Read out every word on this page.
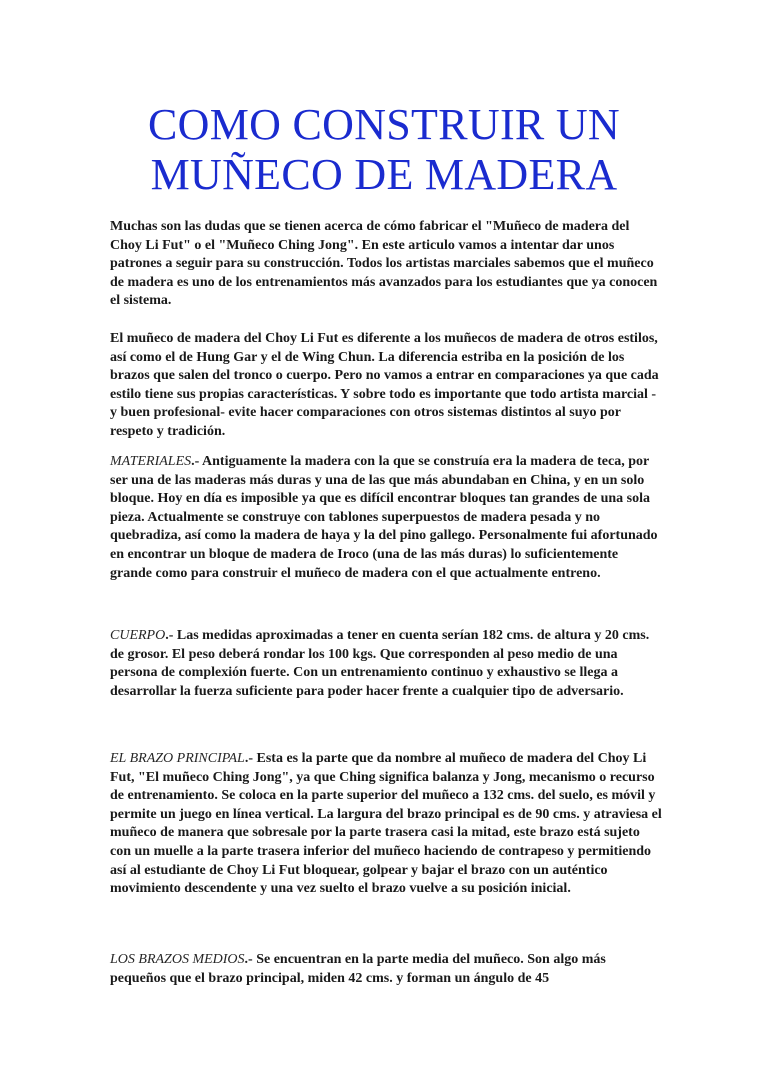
COMO CONSTRUIR UN
MUÑECO DE MADERA

Muchas son las dudas que se tienen acerca de cómo fabricar el "Muñeco de madera del Choy Li Fut" o el "Muñeco Ching Jong". En este articulo vamos a intentar dar unos patrones a seguir para su construcción. Todos los artistas marciales sabemos que el muñeco de madera es uno de los entrenamientos más avanzados para los estudiantes que ya conocen el sistema.

El muñeco de madera del Choy Li Fut es diferente a los muñecos de madera de otros estilos, así como el de Hung Gar y el de Wing Chun. La diferencia estriba en la posición de los brazos que salen del tronco o cuerpo. Pero no vamos a entrar en comparaciones ya que cada estilo tiene sus propias características. Y sobre todo es importante que todo artista marcial -y buen profesional- evite hacer comparaciones con otros sistemas distintos al suyo por respeto y tradición.

MATERIALES.- Antiguamente la madera con la que se construía era la madera de teca, por ser una de las maderas más duras y una de las que más abundaban en China, y en un solo bloque. Hoy en día es imposible ya que es difícil encontrar bloques tan grandes de una sola pieza. Actualmente se construye con tablones superpuestos de madera pesada y no quebradiza, así como la madera de haya y la del pino gallego. Personalmente fui afortunado en encontrar un bloque de madera de Iroco (una de las más duras) lo suficientemente grande como para construir el muñeco de madera con el que actualmente entreno.

CUERPO.- Las medidas aproximadas a tener en cuenta serían 182 cms. de altura y 20 cms. de grosor. El peso deberá rondar los 100 kgs. Que corresponden al peso medio de una persona de complexión fuerte. Con un entrenamiento continuo y exhaustivo se llega a desarrollar la fuerza suficiente para poder hacer frente a cualquier tipo de adversario.

EL BRAZO PRINCIPAL.- Esta es la parte que da nombre al muñeco de madera del Choy Li Fut, "El muñeco Ching Jong", ya que Ching significa balanza y Jong, mecanismo o recurso de entrenamiento. Se coloca en la parte superior del muñeco a 132 cms. del suelo, es móvil y permite un juego en línea vertical. La largura del brazo principal es de 90 cms. y atraviesa el muñeco de manera que sobresale por la parte trasera casi la mitad, este brazo está sujeto con un muelle a la parte trasera inferior del muñeco haciendo de contrapeso y permitiendo así al estudiante de Choy Li Fut bloquear, golpear y bajar el brazo con un auténtico movimiento descendente y una vez suelto el brazo vuelve a su posición inicial.

LOS BRAZOS MEDIOS.- Se encuentran en la parte media del muñeco. Son algo más pequeños que el brazo principal, miden 42 cms. y forman un ángulo de 45
